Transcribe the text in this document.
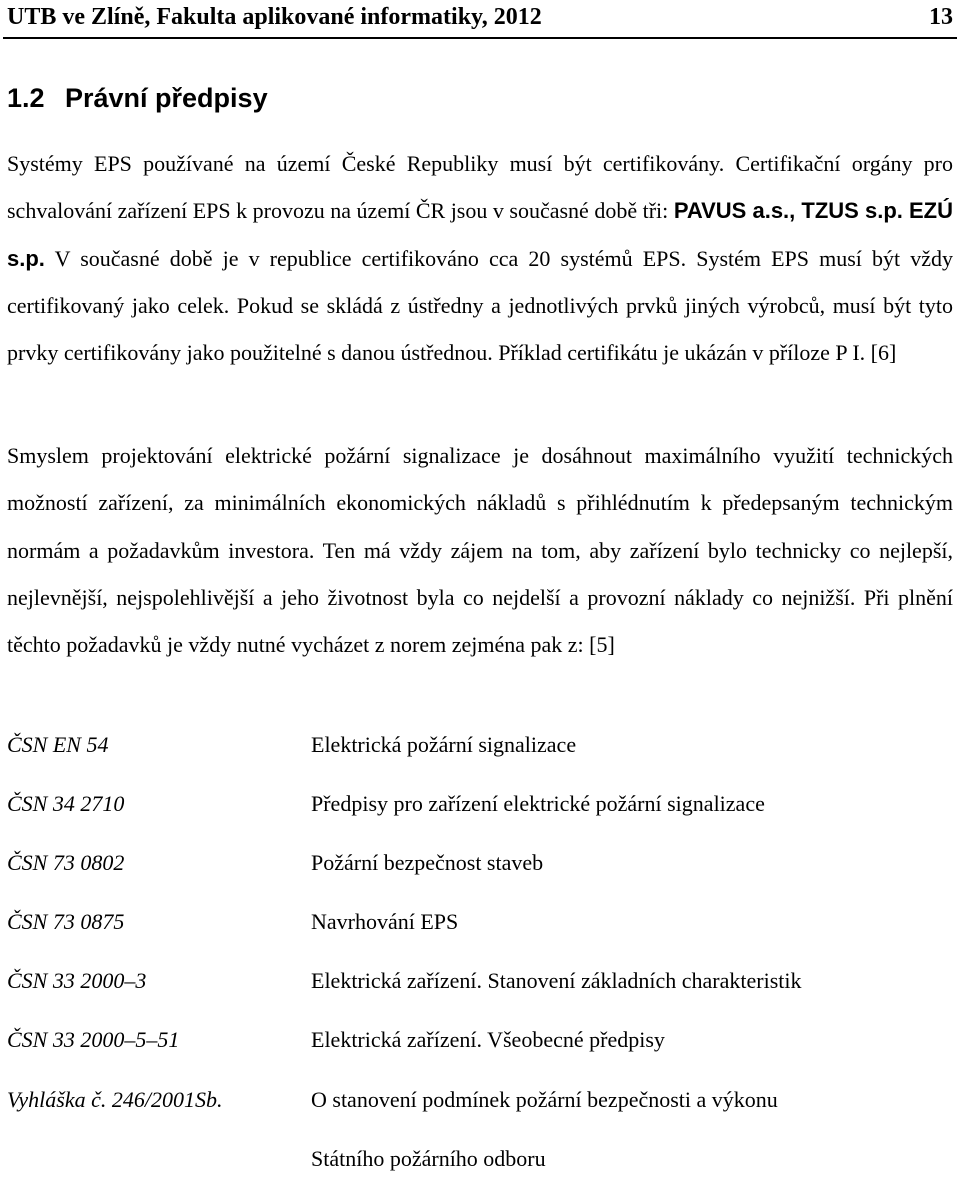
UTB ve Zlíně, Fakulta aplikované informatiky, 2012	13
1.2 Právní předpisy

Systémy EPS používané na území České Republiky musí být certifikovány. Certifikační orgány pro schvalování zařízení EPS k provozu na území ČR jsou v současné době tři: PAVUS a.s., TZUS s.p. EZÚ s.p. V současné době je v republice certifikováno cca 20 systémů EPS. Systém EPS musí být vždy certifikovaný jako celek. Pokud se skládá z ústředny a jednotlivých prvků jiných výrobců, musí být tyto prvky certifikovány jako použitelné s danou ústřednou. Příklad certifikátu je ukázán v příloze P I. [6]

Smyslem projektování elektrické požární signalizace je dosáhnout maximálního využití technických možností zařízení, za minimálních ekonomických nákladů s přihlédnutím k předepsaným technickým normám a požadavkům investora. Ten má vždy zájem na tom, aby zařízení bylo technicky co nejlepší, nejlevnější, nejspolehlivější a jeho životnost byla co nejdelší a provozní náklady co nejnižší. Při plnění těchto požadavků je vždy nutné vycházet z norem zejména pak z: [5]

ČSN EN 54	Elektrická požární signalizace
ČSN 34 2710	Předpisy pro zařízení elektrické požární signalizace
ČSN 73 0802	Požární bezpečnost staveb
ČSN 73 0875	Navrhování EPS
ČSN 33 2000–3	Elektrická zařízení. Stanovení základních charakteristik
ČSN 33 2000–5–51	Elektrická zařízení. Všeobecné předpisy
Vyhláška č. 246/2001Sb.	O stanovení podmínek požární bezpečnosti a výkonu
Státního požárního odboru
